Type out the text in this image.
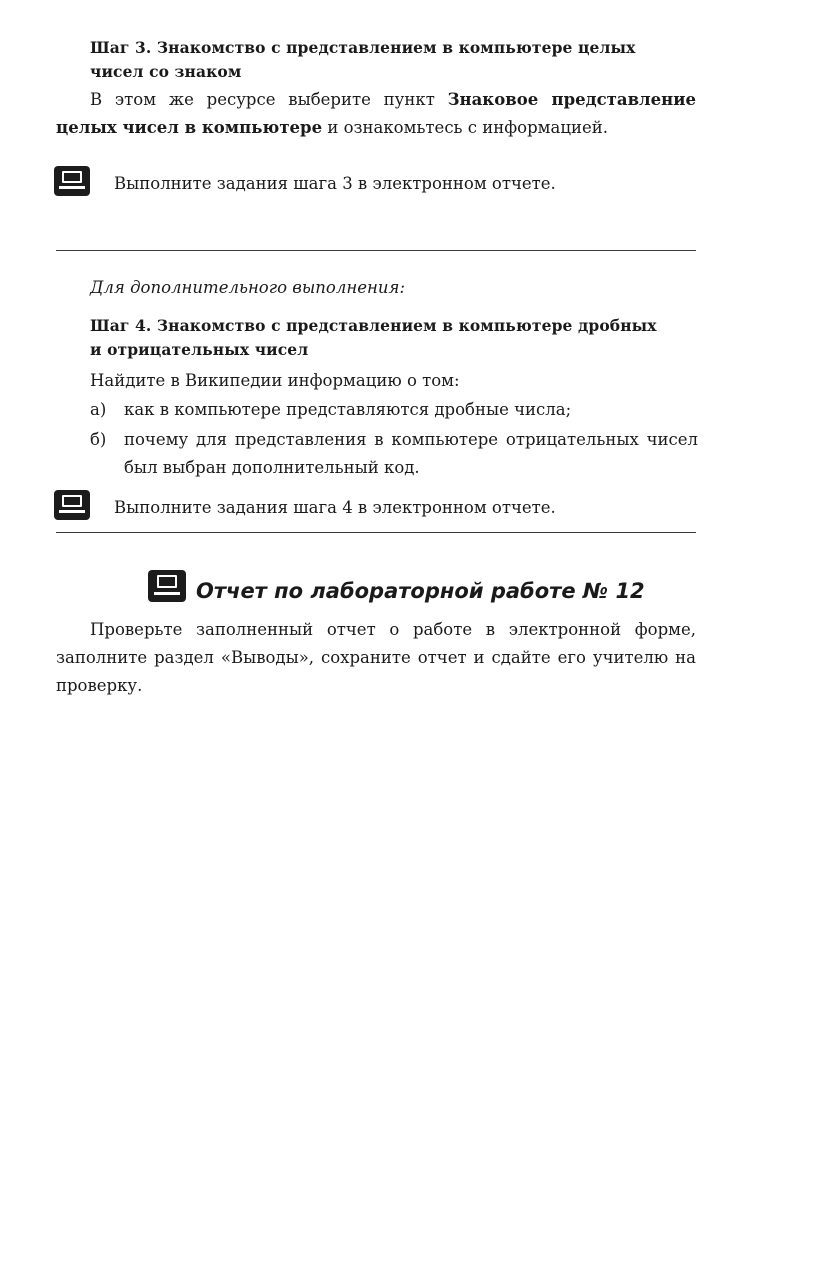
Шаг 3. Знакомство с представлением в компьютере целых
чисел со знаком
В этом же ресурсе выберите пункт Знаковое представление целых чисел в компьютере и ознакомьтесь с информацией.
Выполните задания шага 3 в электронном отчете.
Для дополнительного выполнения:
Шаг 4. Знакомство с представлением в компьютере дробных
и отрицательных чисел
Найдите в Википедии информацию о том:
а) как в компьютере представляются дробные числа;
б) почему для представления в компьютере отрицательных чисел был выбран дополнительный код.
Выполните задания шага 4 в электронном отчете.
Отчет по лабораторной работе № 12
Проверьте заполненный отчет о работе в электронной форме, заполните раздел «Выводы», сохраните отчет и сдайте его учителю на проверку.
